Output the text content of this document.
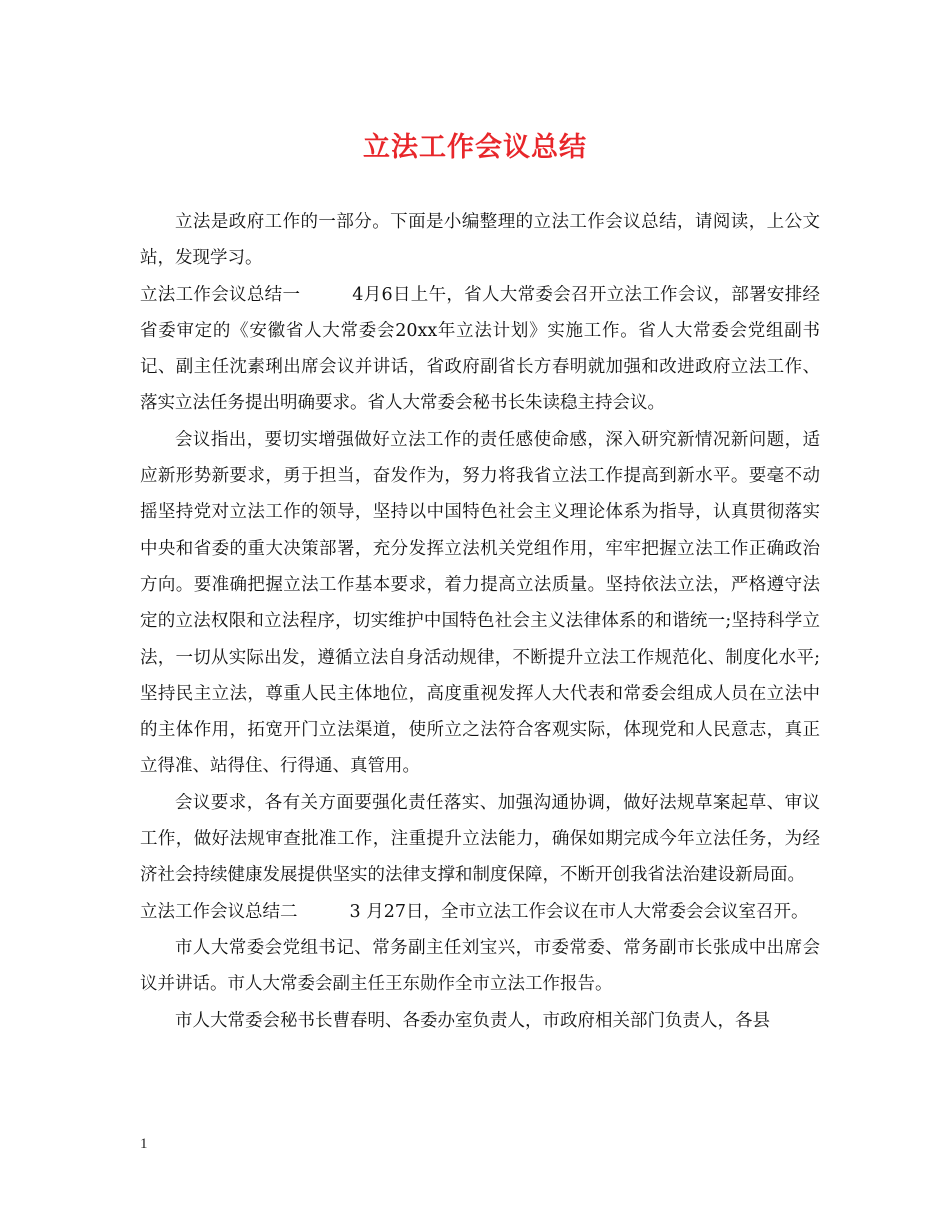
立法工作会议总结

立法是政府工作的一部分。下面是小编整理的立法工作会议总结，请阅读，上公文站，发现学习。

立法工作会议总结一	4月6日上午，省人大常委会召开立法工作会议，部署安排经省委审定的《安徽省人大常委会20xx年立法计划》实施工作。省人大常委会党组副书记、副主任沈素琍出席会议并讲话，省政府副省长方春明就加强和改进政府立法工作、落实立法任务提出明确要求。省人大常委会秘书长朱读稳主持会议。

会议指出，要切实增强做好立法工作的责任感使命感，深入研究新情况新问题，适应新形势新要求，勇于担当，奋发作为，努力将我省立法工作提高到新水平。要毫不动摇坚持党对立法工作的领导，坚持以中国特色社会主义理论体系为指导，认真贯彻落实中央和省委的重大决策部署，充分发挥立法机关党组作用，牢牢把握立法工作正确政治方向。要准确把握立法工作基本要求，着力提高立法质量。坚持依法立法，严格遵守法定的立法权限和立法程序，切实维护中国特色社会主义法律体系的和谐统一;坚持科学立法，一切从实际出发，遵循立法自身活动规律，不断提升立法工作规范化、制度化水平;坚持民主立法，尊重人民主体地位，高度重视发挥人大代表和常委会组成人员在立法中的主体作用，拓宽开门立法渠道，使所立之法符合客观实际，体现党和人民意志，真正立得准、站得住、行得通、真管用。

会议要求，各有关方面要强化责任落实、加强沟通协调，做好法规草案起草、审议工作，做好法规审查批准工作，注重提升立法能力，确保如期完成今年立法任务，为经济社会持续健康发展提供坚实的法律支撑和制度保障，不断开创我省法治建设新局面。

立法工作会议总结二	3 月27日，全市立法工作会议在市人大常委会会议室召开。

市人大常委会党组书记、常务副主任刘宝兴，市委常委、常务副市长张成中出席会议并讲话。市人大常委会副主任王东勋作全市立法工作报告。

市人大常委会秘书长曹春明、各委办室负责人，市政府相关部门负责人，各县

1
